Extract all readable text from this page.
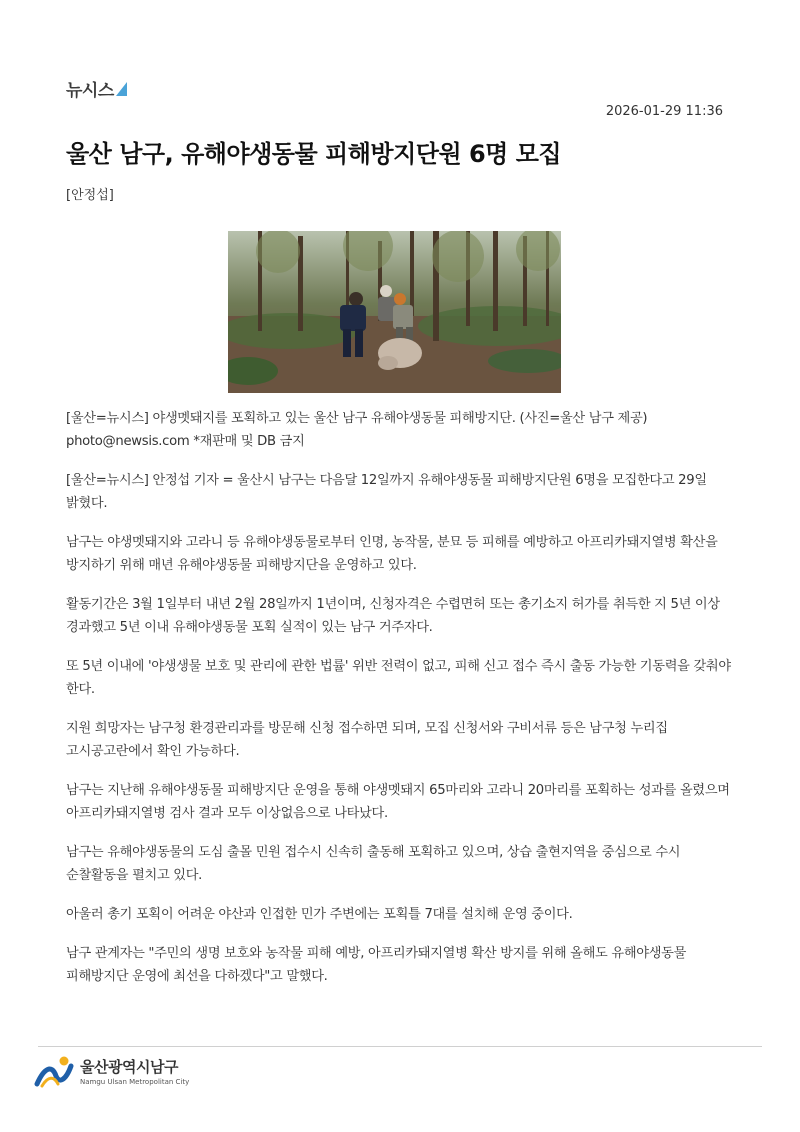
뉴시스
2026-01-29 11:36
울산 남구, 유해야생동물 피해방지단원 6명 모집
[안정섭]

[울산=뉴시스] 야생멧돼지를 포획하고 있는 울산 남구 유해야생동물 피해방지단. (사진=울산 남구 제공) photo@newsis.com *재판매 및 DB 금지

[울산=뉴시스] 안정섭 기자 = 울산시 남구는 다음달 12일까지 유해야생동물 피해방지단원 6명을 모집한다고 29일 밝혔다.

남구는 야생멧돼지와 고라니 등 유해야생동물로부터 인명, 농작물, 분묘 등 피해를 예방하고 아프리카돼지열병 확산을 방지하기 위해 매년 유해야생동물 피해방지단을 운영하고 있다.

활동기간은 3월 1일부터 내년 2월 28일까지 1년이며, 신청자격은 수렵면허 또는 총기소지 허가를 취득한 지 5년 이상 경과했고 5년 이내 유해야생동물 포획 실적이 있는 남구 거주자다.

또 5년 이내에 '야생생물 보호 및 관리에 관한 법률' 위반 전력이 없고, 피해 신고 접수 즉시 출동 가능한 기동력을 갖춰야 한다.

지원 희망자는 남구청 환경관리과를 방문해 신청 접수하면 되며, 모집 신청서와 구비서류 등은 남구청 누리집 고시공고란에서 확인 가능하다.

남구는 지난해 유해야생동물 피해방지단 운영을 통해 야생멧돼지 65마리와 고라니 20마리를 포획하는 성과를 올렸으며 아프리카돼지열병 검사 결과 모두 이상없음으로 나타났다.

남구는 유해야생동물의 도심 출몰 민원 접수시 신속히 출동해 포획하고 있으며, 상습 출현지역을 중심으로 수시 순찰활동을 펼치고 있다.

아울러 총기 포획이 어려운 야산과 인접한 민가 주변에는 포획틀 7대를 설치해 운영 중이다.

남구 관계자는 "주민의 생명 보호와 농작물 피해 예방, 아프리카돼지열병 확산 방지를 위해 올해도 유해야생동물 피해방지단 운영에 최선을 다하겠다"고 말했다.

울산광역시남구
Namgu Ulsan Metropolitan City
